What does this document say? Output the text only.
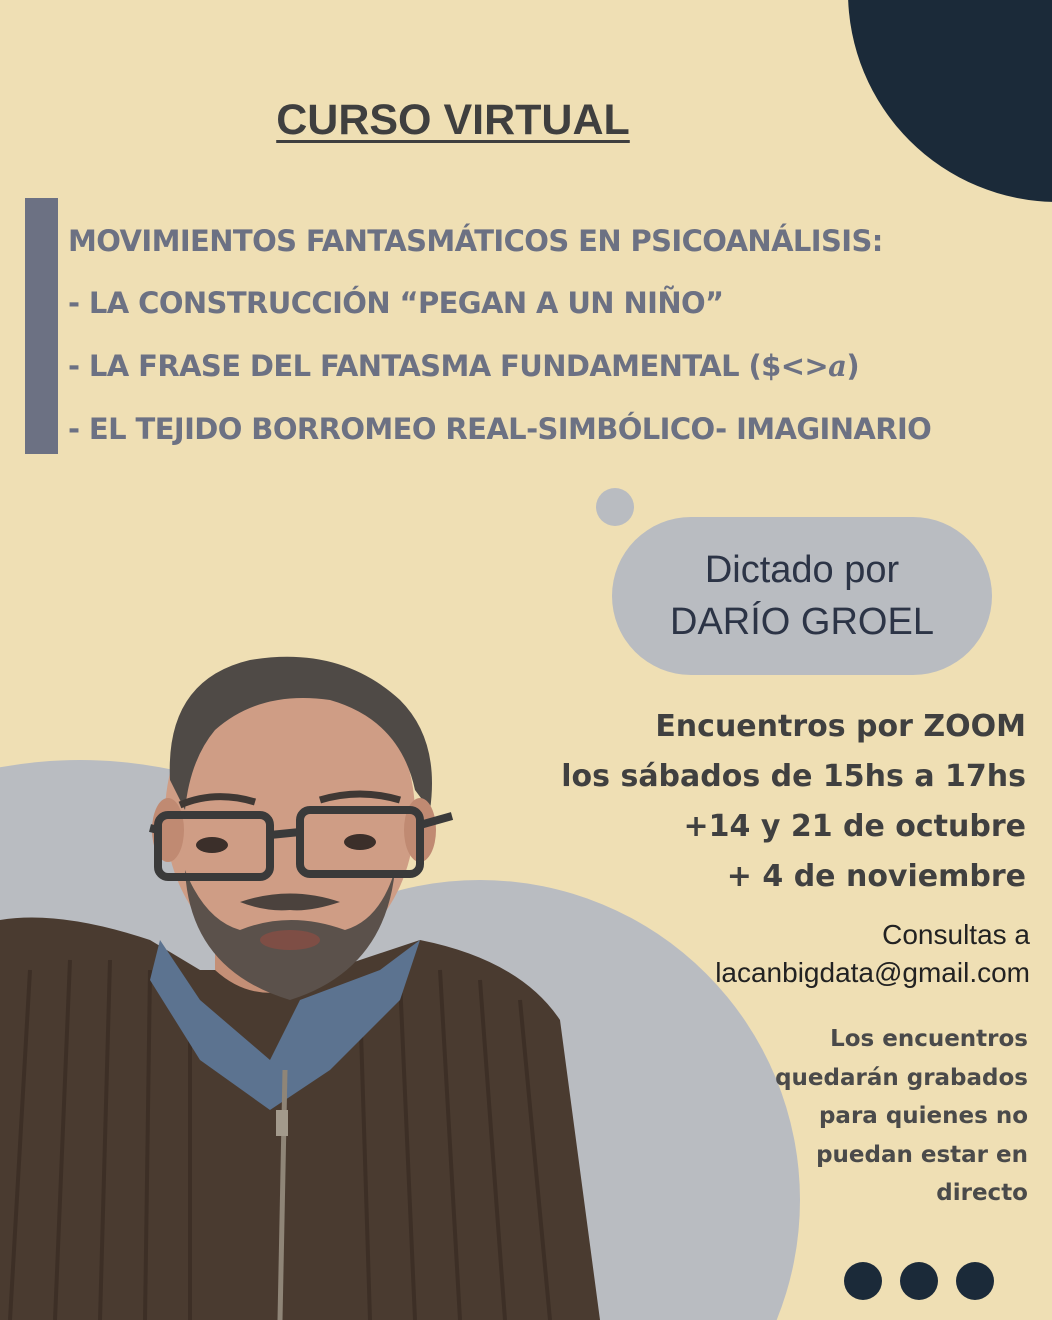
CURSO VIRTUAL
MOVIMIENTOS FANTASMÁTICOS EN PSICOANÁLISIS:
- LA CONSTRUCCIÓN “PEGAN A UN NIÑO”
- LA FRASE DEL FANTASMA FUNDAMENTAL ($<>a)
- EL TEJIDO BORROMEO REAL-SIMBÓLICO- IMAGINARIO
Dictado por
DARÍO GROEL
Encuentros por ZOOM
los sábados de 15hs a 17hs
+14 y 21 de octubre
+ 4 de noviembre
Consultas a
lacanbigdata@gmail.com
Los encuentros
quedarán grabados
para quienes no
puedan estar en
directo
